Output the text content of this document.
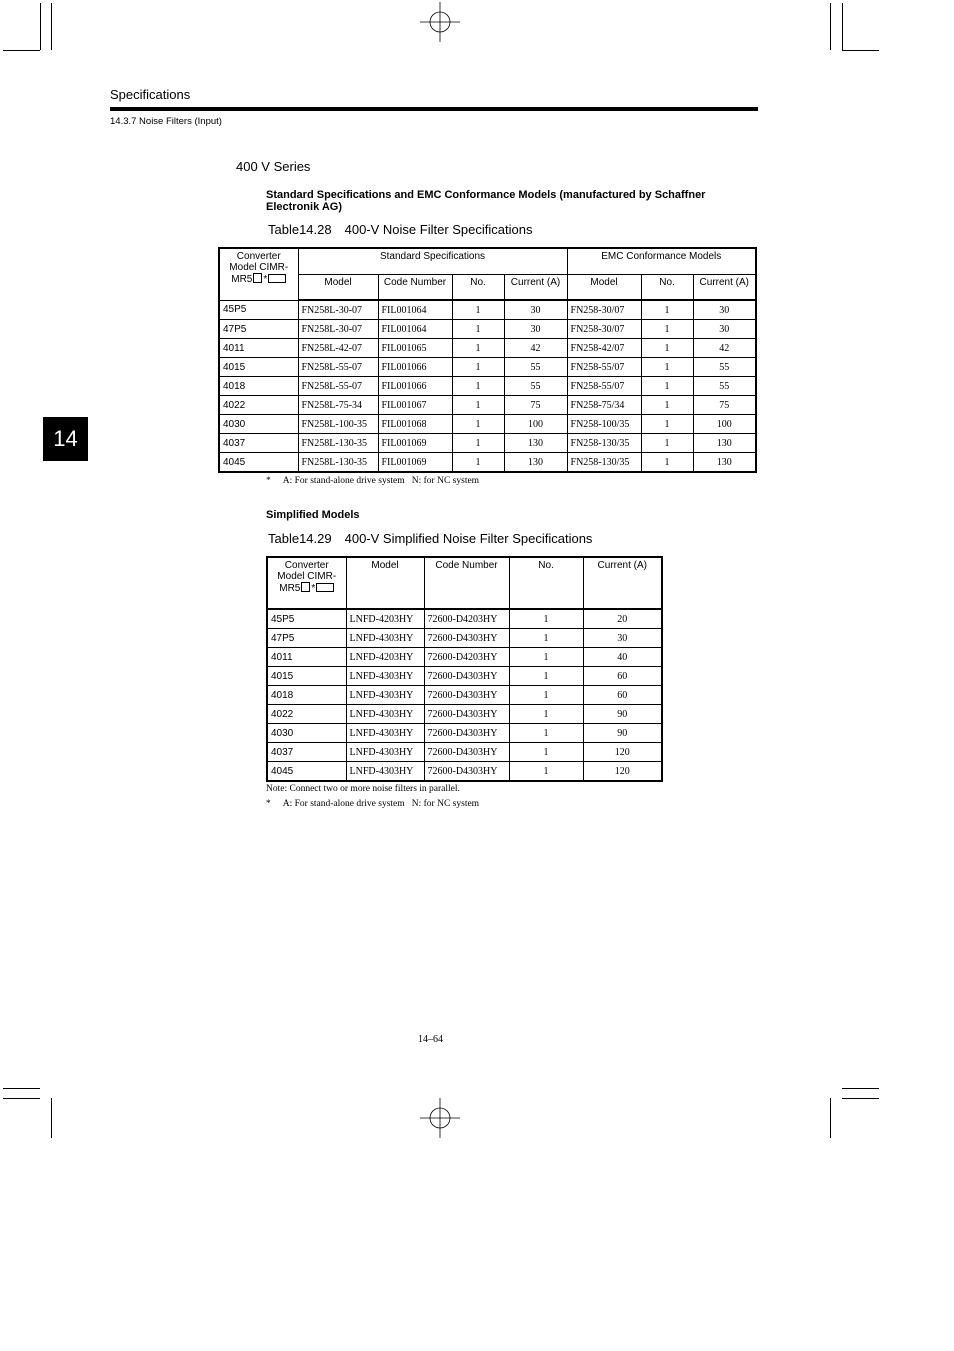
Specifications
14.3.7 Noise Filters (Input)
14
400 V Series
Standard Specifications and EMC Conformance Models (manufactured by Schaffner Electronik AG)
Table14.28 400-V Noise Filter Specifications
Converter Model CIMR-MR5 *	Standard Specifications				EMC Conformance Models		
	Model	Code Number	No.	Current (A)	Model	No.	Current (A)
45P5	FN258L-30-07	FIL001064	1	30	FN258-30/07	1	30
47P5	FN258L-30-07	FIL001064	1	30	FN258-30/07	1	30
4011	FN258L-42-07	FIL001065	1	42	FN258-42/07	1	42
4015	FN258L-55-07	FIL001066	1	55	FN258-55/07	1	55
4018	FN258L-55-07	FIL001066	1	55	FN258-55/07	1	55
4022	FN258L-75-34	FIL001067	1	75	FN258-75/34	1	75
4030	FN258L-100-35	FIL001068	1	100	FN258-100/35	1	100
4037	FN258L-130-35	FIL001069	1	130	FN258-130/35	1	130
4045	FN258L-130-35	FIL001069	1	130	FN258-130/35	1	130
* A: For stand-alone drive system   N: for NC system
Simplified Models
Table14.29 400-V Simplified Noise Filter Specifications
Converter Model CIMR-MR5 *	Model	Code Number	No.	Current (A)
45P5	LNFD-4203HY	72600-D4203HY	1	20
47P5	LNFD-4303HY	72600-D4303HY	1	30
4011	LNFD-4203HY	72600-D4203HY	1	40
4015	LNFD-4303HY	72600-D4303HY	1	60
4018	LNFD-4303HY	72600-D4303HY	1	60
4022	LNFD-4303HY	72600-D4303HY	1	90
4030	LNFD-4303HY	72600-D4303HY	1	90
4037	LNFD-4303HY	72600-D4303HY	1	120
4045	LNFD-4303HY	72600-D4303HY	1	120
Note: Connect two or more noise filters in parallel.
* A: For stand-alone drive system   N: for NC system
14–64
